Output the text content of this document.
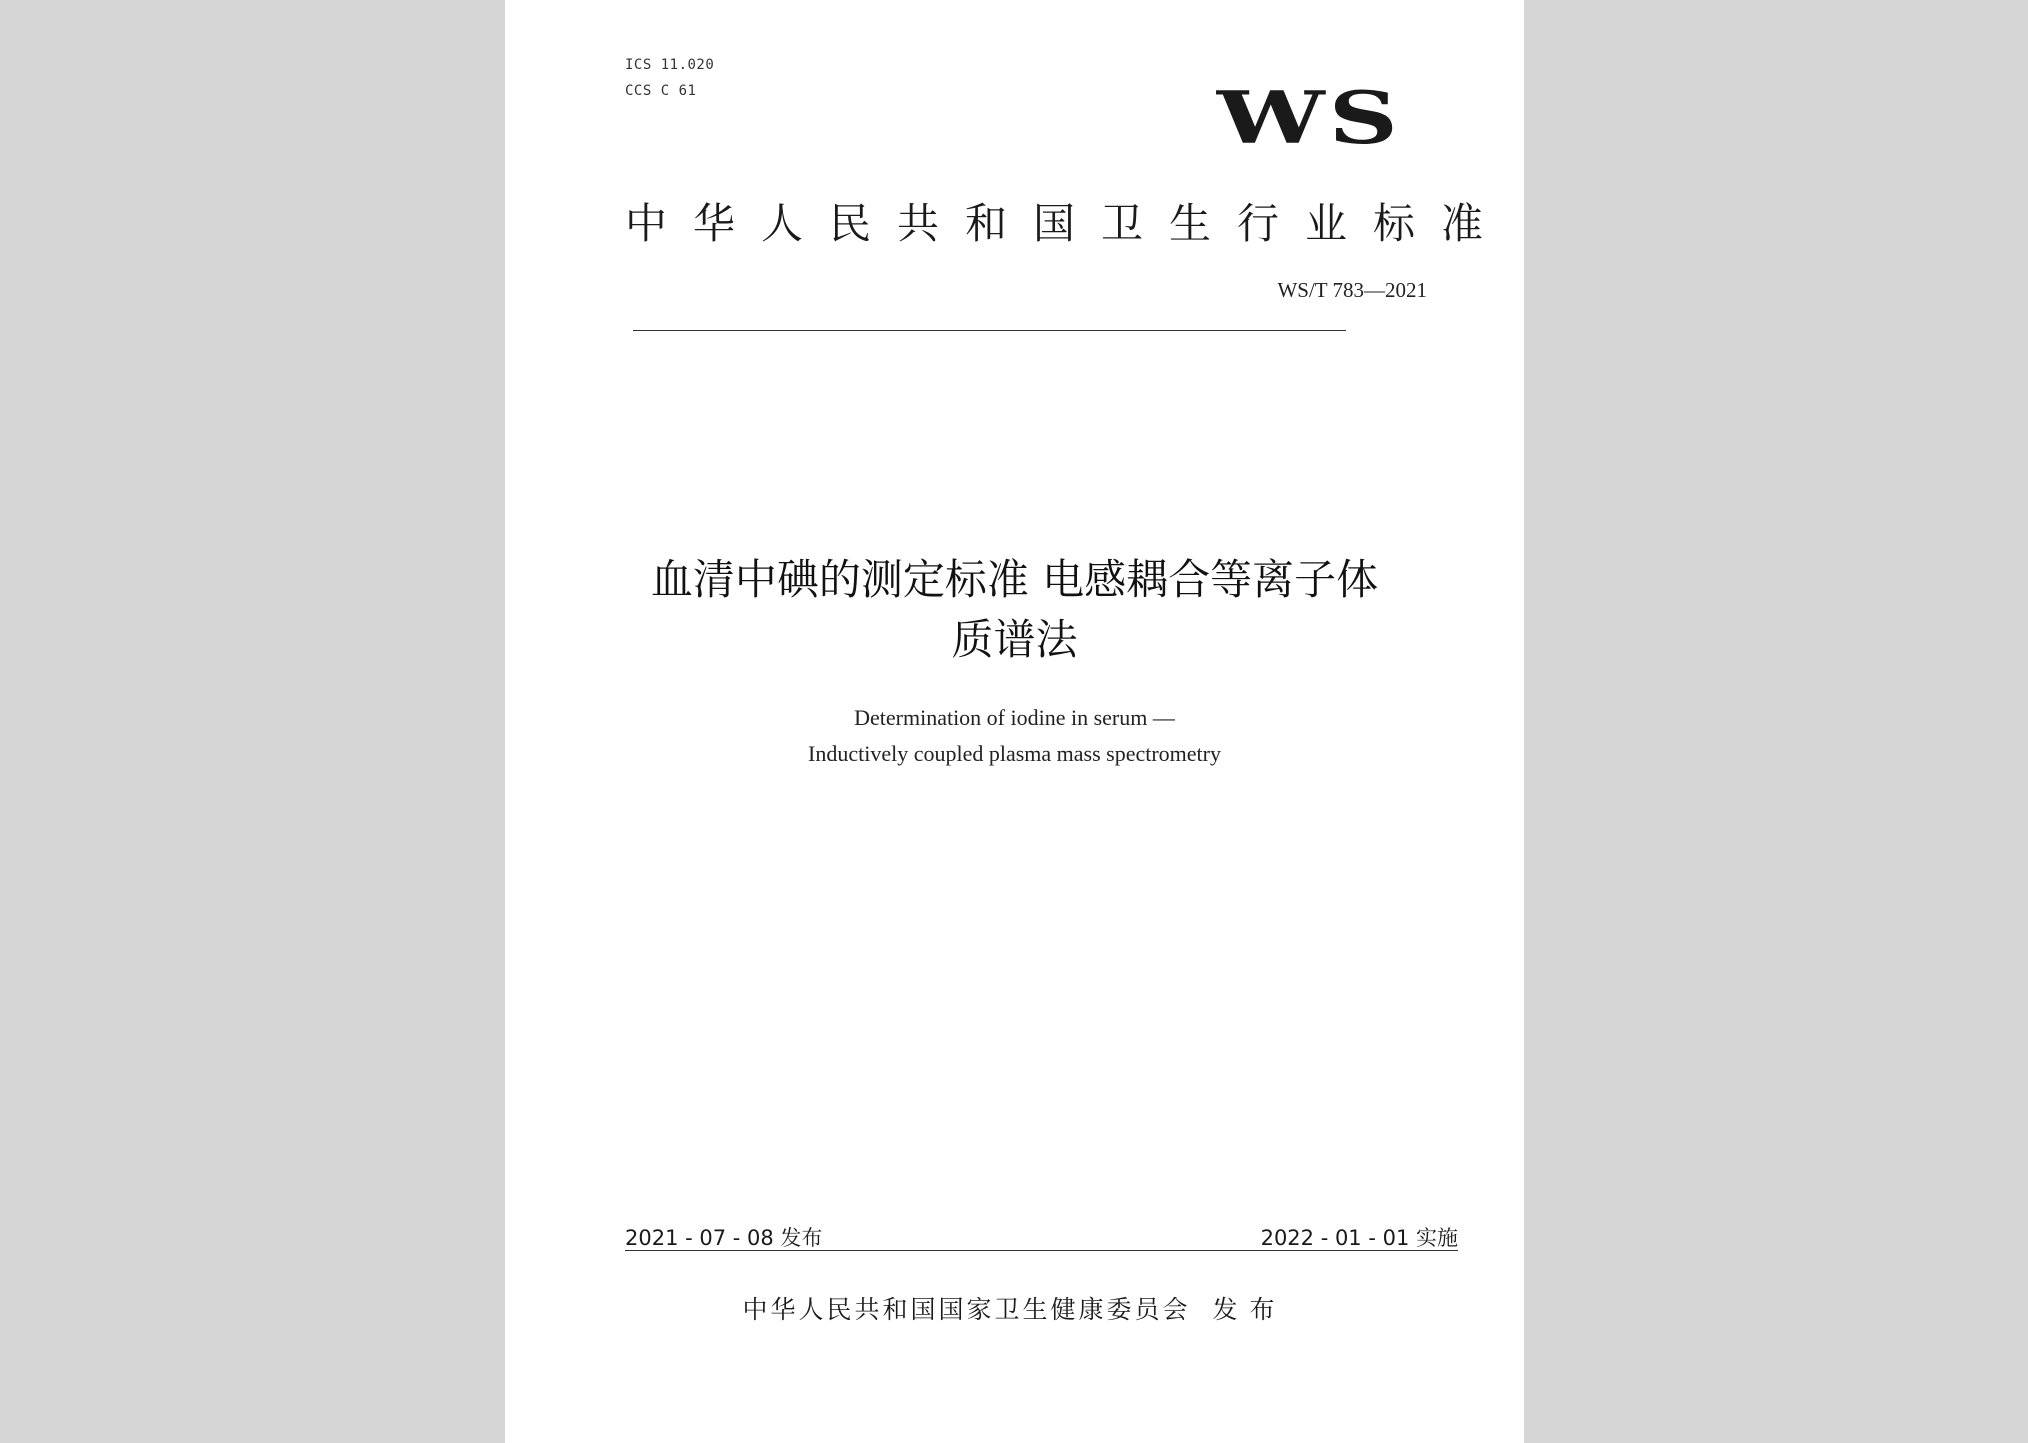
ICS 11.020
CCS C 61	WS
中华人民共和国卫生行业标准
WS/T 783—2021
血清中碘的测定标准 电感耦合等离子体
质谱法
Determination of iodine in serum —
Inductively coupled plasma mass spectrometry
2021 - 07 - 08 发布	2022 - 01 - 01 实施
中华人民共和国国家卫生健康委员会 发布
